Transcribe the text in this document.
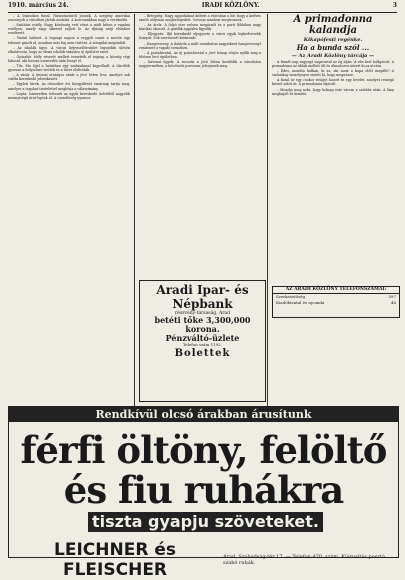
1910. március 24.	IRADI KÖZLÖNY.	3

– A Iránsokos fiatal. Nászutazásról jönnek. A szegény amerikai asszonyok a városban jártak mulatni. A korcsmákban nagy a verekedés.

– Színházi estély. Nagy közönség vett részt a múlt héten a vigalmi estélyen, amely nagy sikerrel zajlott le. Az ifjúság szép előadást rendezett.

– Vasúti baleset. A tegnapi napon a reggeli vonat a mezőn egy tehenet gázolt el, azonban más baj nem történt. A vizsgálat megindult.

– Az iskolák ügye. A városi képviselőtestület legutóbbi ülésén elhatározta, hogy az elemi iskolák számára új épületet emel.

– Gyászhír. Mély részvét mellett temették el tegnap a község régi lakosát, aki hosszú szenvedés után hunyt el.

– Tűz. Ma éjjel a határban egy szalmakazal kigyulladt. A tűzoltók gyorsan a helyszínre siettek és a tüzet eloltották.

– A vásár. A tavaszi országos vásár a jövő héten lesz, amelyre sok vidéki kereskedő jelentkezett.

– Egyleti hírek. Az olvasókör évi közgyűlését vasárnap tartja meg, amelyre a tagokat tisztelettel meghívja a választmány.

– Lopás. Ismeretlen tettesek az egyik kereskedő üzletéből nagyobb mennyiségű árut loptak el. A csendőrség nyomoz.

– Betegség. Nagy aggodalmat keltett a városban a hír, hogy a kedves tanító súlyosan megbetegedett. Orvosai mindent megtesznek.

– Az árvíz. A folyó vize erősen megáradt és a parti földeken nagy károkat okozott. A gazdák aggódva figyelik.

– Eljegyzés. Ifjú kereskedő eljegyezte a város egyik legkedvesebb leányát. Sok szerencsét kívánunk!

– Hangverseny. A dalárda a múlt szombaton nagysikerű hangversenyt rendezett a vigadó termében.

– A postahivatal. Az új postahivatal a jövő hónap elején nyílik meg a főtéren levő épületben.

– Katonai ügyek. A sorozás a jövő héten kezdődik a városháza nagytermében, a kötelesek pontosan jelenjenek meg.

A primadonna kalandja

Kikapófesti regénke.

Ha a bunda szól ...

— Az Aradi Közlöny tárcája —

A fáradt nap ragyogó sugaraival az ég alján. A vén kert hallgatott. A primadonna az ablak mellett ült és álmodozva nézett ki az utcára.

– Édes, mondta halkan, ki az, aki most a kapu előtt megállt? A szobalány mosolyogva sietett ki, hogy megnézze.

A fiatal úr egy csokor virágot hozott és egy levelet, amelyet remegő kézzel adott át. A primadonna elpirult.

– Mondja meg neki, hogy holnap este várom a színház után. A lány meghajolt és kiment.

Aradi Ipar- és Népbank
részvény-társaság, Arad
betéti tőke 3,300,000 korona.
Pénzváltó-üzlete
Telefon szám 1192.
Bolettek
AZ ARADI KÖZLÖNY TELEFONSZÁMAI:
Szerkesztőség	397
Kiadóhivatal és nyomda	46
Rendkívül olcsó árakban árusítunk
férfi öltöny, felöltő és fiu ruhákra
tiszta gyapju szöveteket.
LEICHNER és FLEISCHER
Arad, Szabadság-tér 17. — Telefon 470. szám. Kiárusítás posztó szabó ruhák.
